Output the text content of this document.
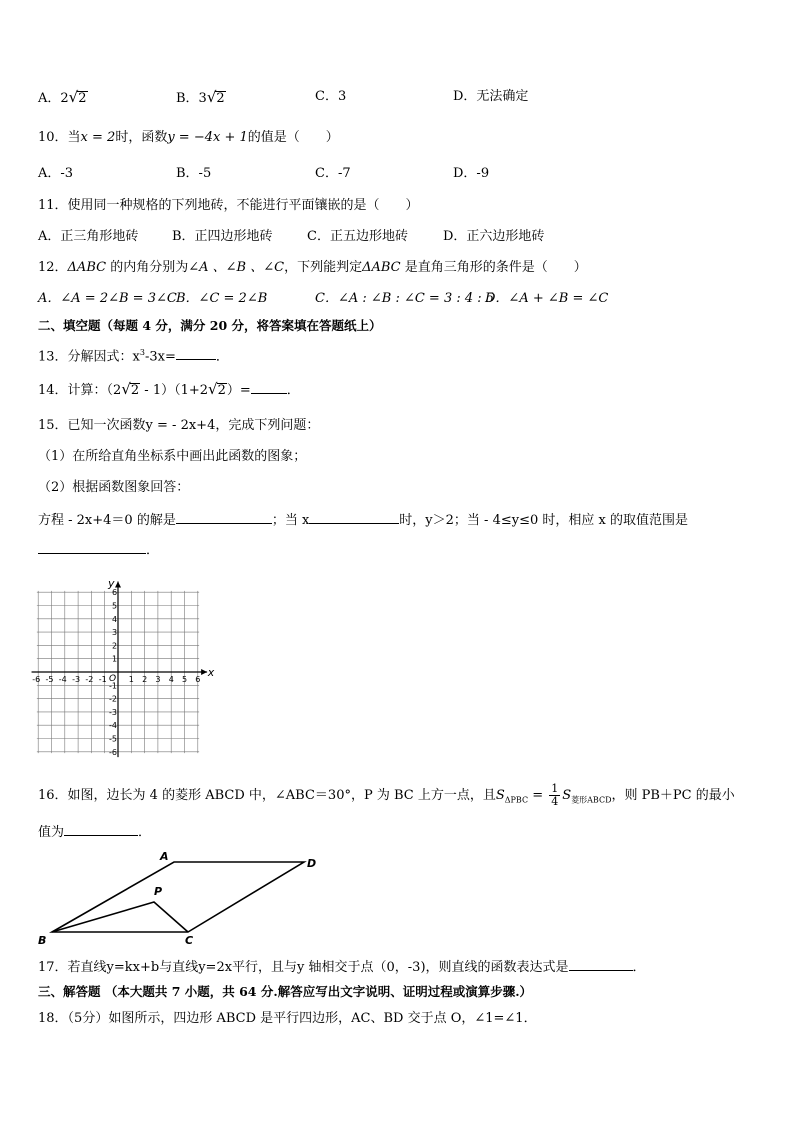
A．2√2	B．3√2	C．3	D．无法确定
10．当x = 2时，函数y = −4x + 1的值是（　　）
A．-3	B．-5	C．-7	D．-9
11．使用同一种规格的下列地砖，不能进行平面镶嵌的是（　　）
A．正三角形地砖	B．正四边形地砖	C．正五边形地砖	D．正六边形地砖
12．ΔABC 的内角分别为∠A 、∠B 、∠C，下列能判定ΔABC 是直角三角形的条件是（　　）
A．∠A = 2∠B = 3∠C B．∠C = 2∠B	C．∠A : ∠B : ∠C = 3 : 4 : 5
D．∠A + ∠B = ∠C
二、填空题（每题 4 分，满分 20 分，将答案填在答题纸上）
13．分解因式：$x^3-3x=$	．
14．计算：（2√2 - 1）（1+2√2）=	．
15．已知一次函数y = - 2x+4，完成下列问题：
（1）在所给直角坐标系中画出此函数的图象；
（2）根据函数图象回答：
方程 - 2x+4＝0 的解是	；当 x	时，y＞2；当 - 4≤y≤0 时，相应 x 的取值范围是
．
x
y
O
-6 -5 -4 -3 -2 -1	1 2 3 4 5 6
6
5
4
3
2
1
-1
-2
-3
-4
-5
-6
16．如图，边长为 4 的菱形 ABCD 中，∠ABC＝30°，P 为 BC 上方一点，且$S_{\Delta PBC} = \frac{1}{4} S_{菱形ABCD}$，则 PB＋PC 的最小
值为	．
A
B	C
D
P
17．若直线y=kx+b与直线y=2x平行，且与y 轴相交于点（0，-3)，则直线的函数表达式是	．
三、解答题 （本大题共 7 小题，共 64 分.解答应写出文字说明、证明过程或演算步骤.）
18．（5分）如图所示，四边形 ABCD 是平行四边形，AC、BD 交于点 O，∠1=∠1．
